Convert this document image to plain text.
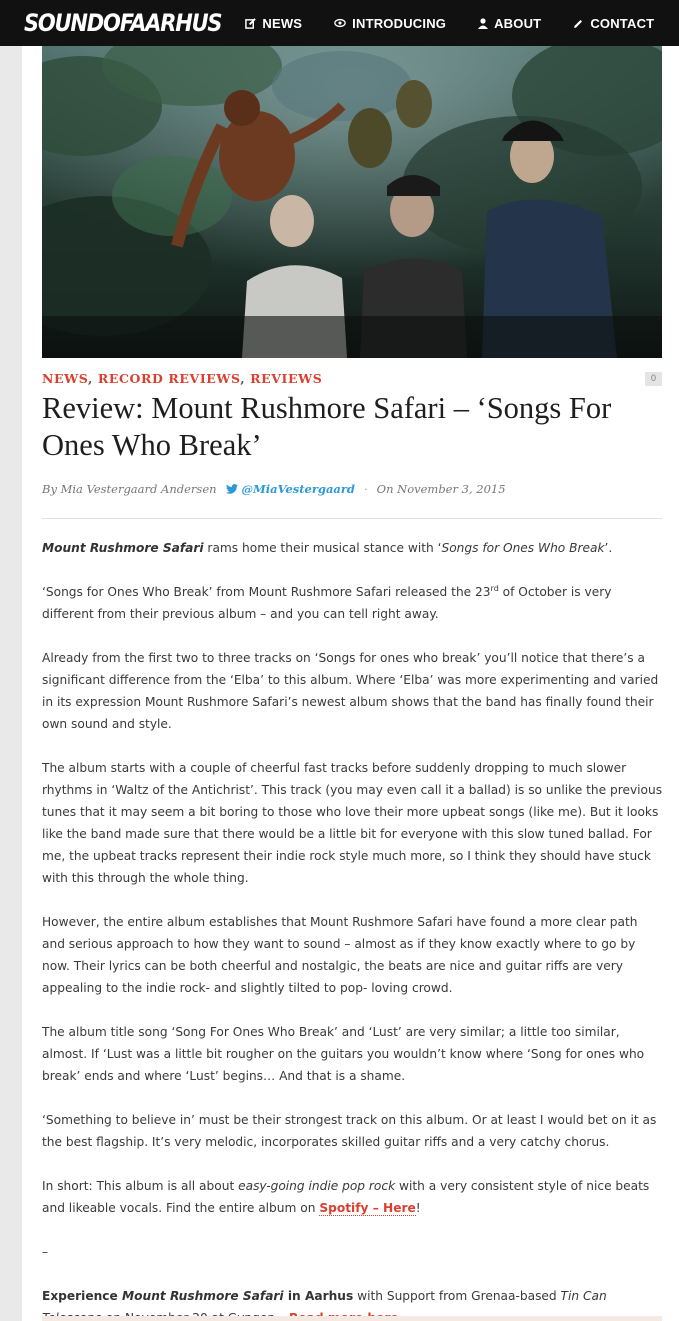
SOUNDOFAARHUS	NEWS	INTRODUCING	ABOUT	CONTACT
NEWS, RECORD REVIEWS, REVIEWS	0
Review: Mount Rushmore Safari – ‘Songs For Ones Who Break’
By Mia Vestergaard Andersen @MiaVestergaard · On November 3, 2015

Mount Rushmore Safari rams home their musical stance with ‘Songs for Ones Who Break’.

‘Songs for Ones Who Break’ from Mount Rushmore Safari released the 23rd of October is very different from their previous album – and you can tell right away.

Already from the first two to three tracks on ‘Songs for ones who break’ you’ll notice that there’s a significant difference from the ‘Elba’ to this album. Where ‘Elba’ was more experimenting and varied in its expression Mount Rushmore Safari’s newest album shows that the band has finally found their own sound and style.

The album starts with a couple of cheerful fast tracks before suddenly dropping to much slower rhythms in ‘Waltz of the Antichrist’. This track (you may even call it a ballad) is so unlike the previous tunes that it may seem a bit boring to those who love their more upbeat songs (like me). But it looks like the band made sure that there would be a little bit for everyone with this slow tuned ballad. For me, the upbeat tracks represent their indie rock style much more, so I think they should have stuck with this through the whole thing.

However, the entire album establishes that Mount Rushmore Safari have found a more clear path and serious approach to how they want to sound – almost as if they know exactly where to go by now. Their lyrics can be both cheerful and nostalgic, the beats are nice and guitar riffs are very appealing to the indie rock- and slightly tilted to pop- loving crowd.

The album title song ‘Song For Ones Who Break’ and ‘Lust’ are very similar; a little too similar, almost. If ‘Lust was a little bit rougher on the guitars you wouldn’t know where ‘Song for ones who break’ ends and where ‘Lust’ begins… And that is a shame.

‘Something to believe in’ must be their strongest track on this album. Or at least I would bet on it as the best flagship. It’s very melodic, incorporates skilled guitar riffs and a very catchy chorus.

In short: This album is all about easy-going indie pop rock with a very consistent style of nice beats and likeable vocals. Find the entire album on Spotify – Here!

–

Experience Mount Rushmore Safari in Aarhus with Support from Grenaa-based Tin Can
